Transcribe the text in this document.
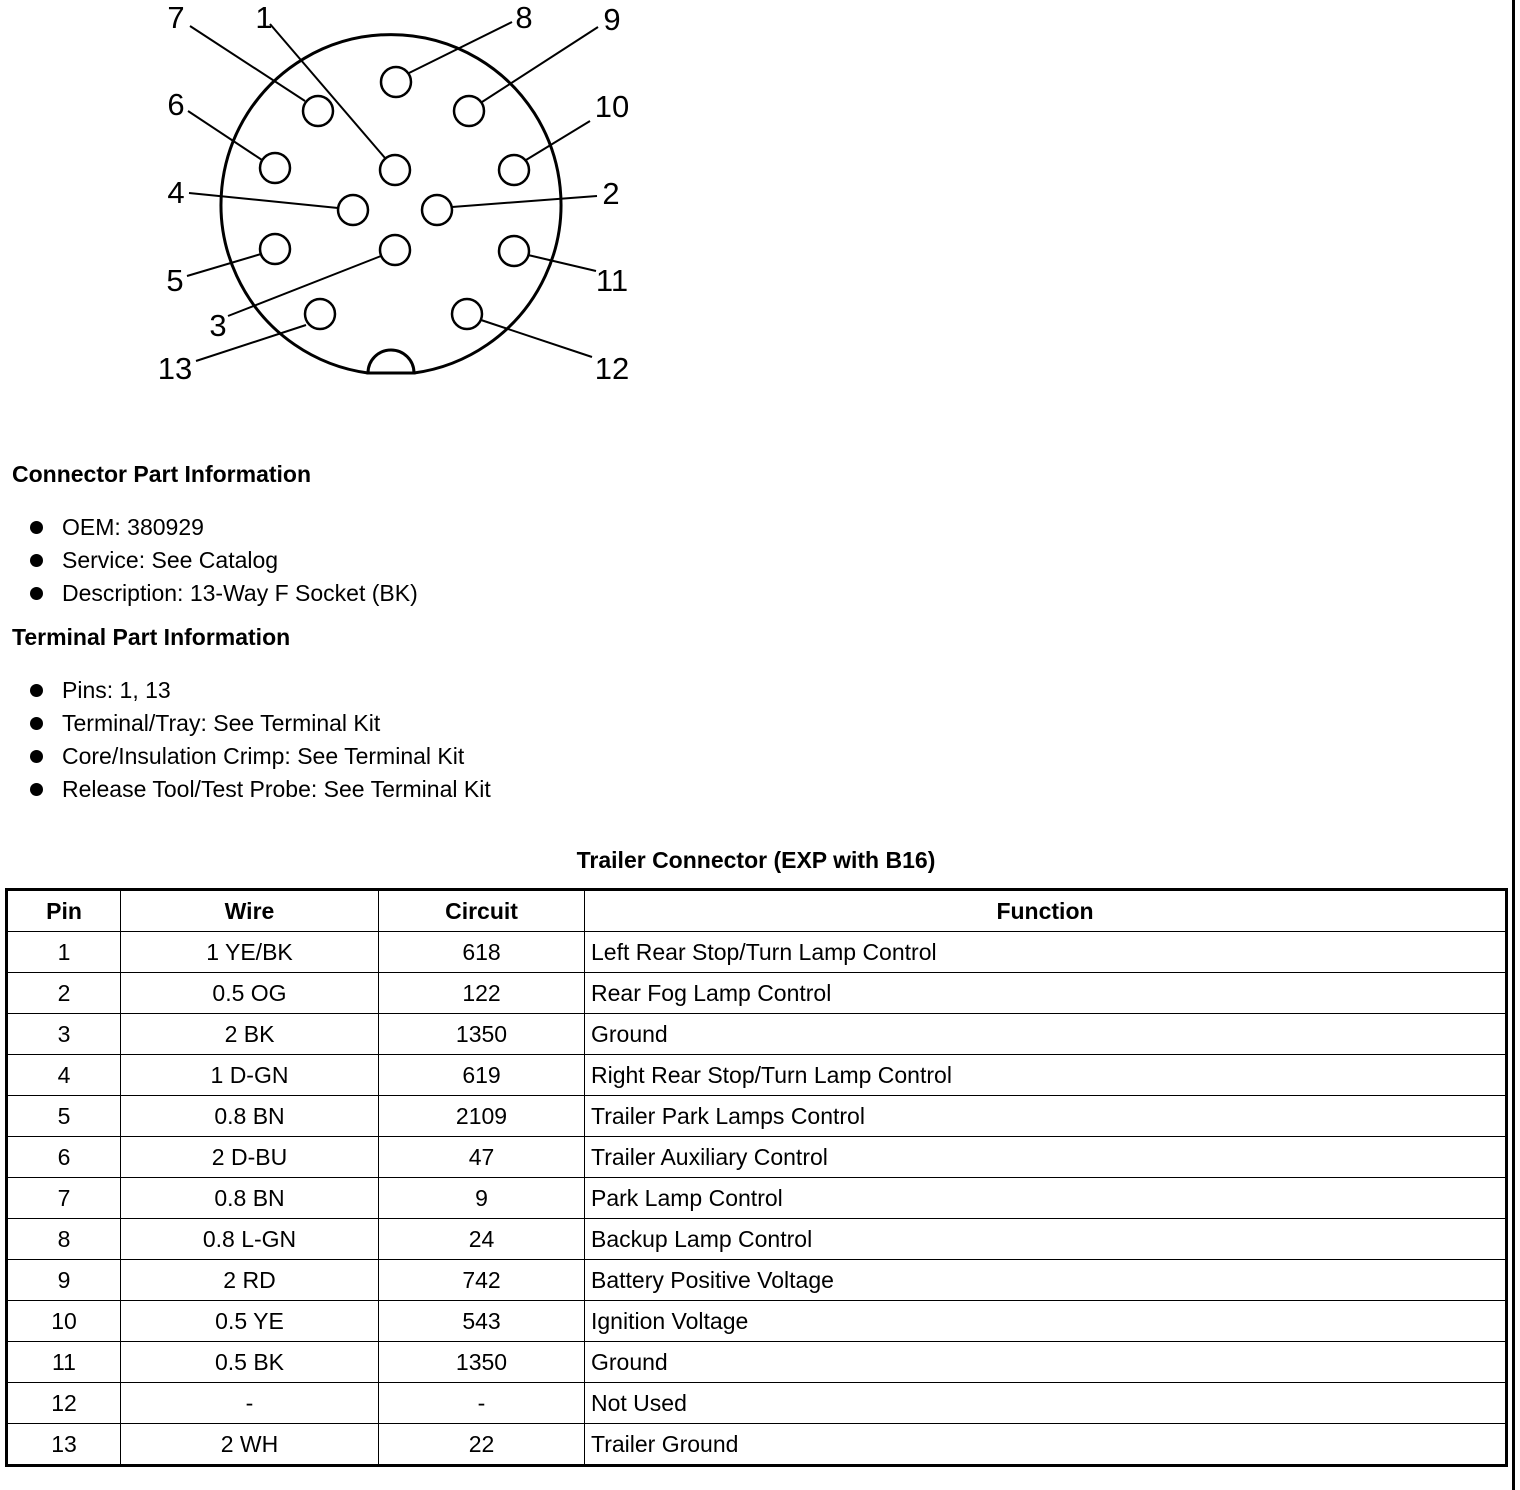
7 1	8 9
6	10
4	2
5	11
3
13	12
Connector Part Information
OEM: 380929
Service: See Catalog
Description: 13-Way F Socket (BK)
Terminal Part Information
Pins: 1, 13
Terminal/Tray: See Terminal Kit
Core/Insulation Crimp: See Terminal Kit
Release Tool/Test Probe: See Terminal Kit
Trailer Connector (EXP with B16)
Pin	Wire	Circuit	Function
1	1 YE/BK	618	Left Rear Stop/Turn Lamp Control
2	0.5 OG	122	Rear Fog Lamp Control
3	2 BK	1350	Ground
4	1 D-GN	619	Right Rear Stop/Turn Lamp Control
5	0.8 BN	2109	Trailer Park Lamps Control
6	2 D-BU	47	Trailer Auxiliary Control
7	0.8 BN	9	Park Lamp Control
8	0.8 L-GN	24	Backup Lamp Control
9	2 RD	742	Battery Positive Voltage
10	0.5 YE	543	Ignition Voltage
11	0.5 BK	1350	Ground
12	-	-	Not Used
13	2 WH	22	Trailer Ground
